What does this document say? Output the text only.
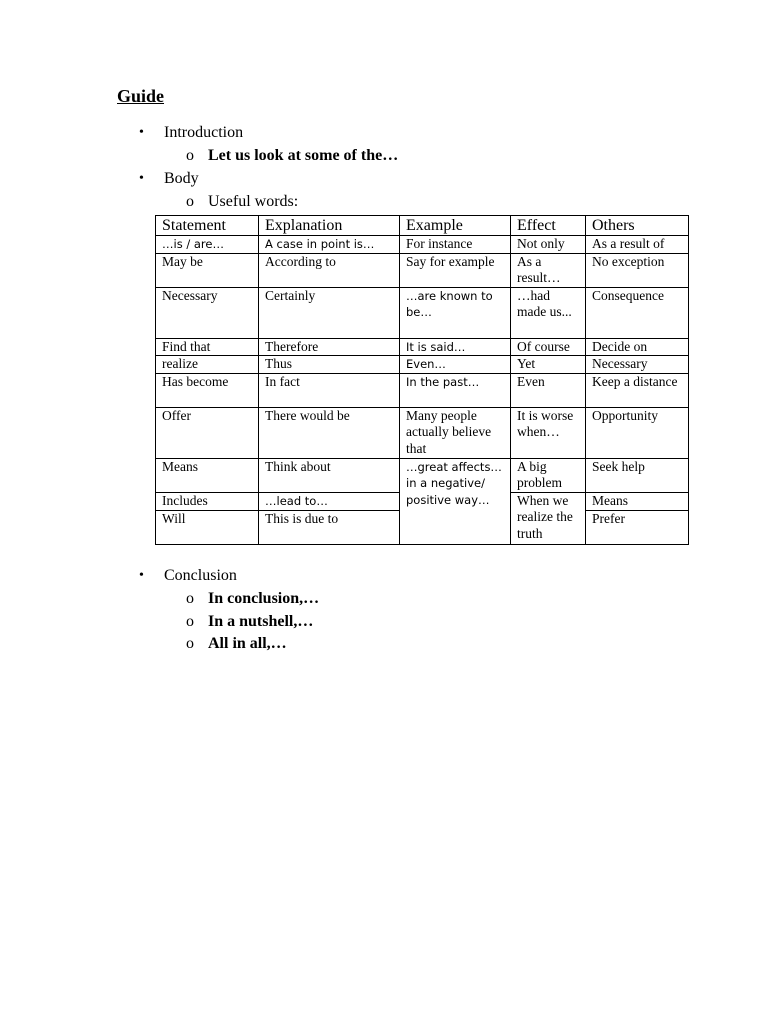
Guide
• Introduction
o Let us look at some of the…
• Body
o Useful words:
Statement	Explanation	Example	Effect	Others
…is / are…	A case in point is…	For instance	Not only	As a result of
May be	According to	Say for example	As a result…	No exception
Necessary	Certainly	…are known to be…	…had made us...	Consequence
Find that	Therefore	It is said…	Of course	Decide on
realize	Thus	Even…	Yet	Necessary
Has become	In fact	In the past…	Even	Keep a distance
Offer	There would be	Many people actually believe that	It is worse when…	Opportunity
Means	Think about	…great affects… in a negative/ positive way…	A big problem	Seek help
Includes	…lead to…		When we realize the truth	Means
Will	This is due to			Prefer
• Conclusion
o In conclusion,…
o In a nutshell,…
o All in all,…
